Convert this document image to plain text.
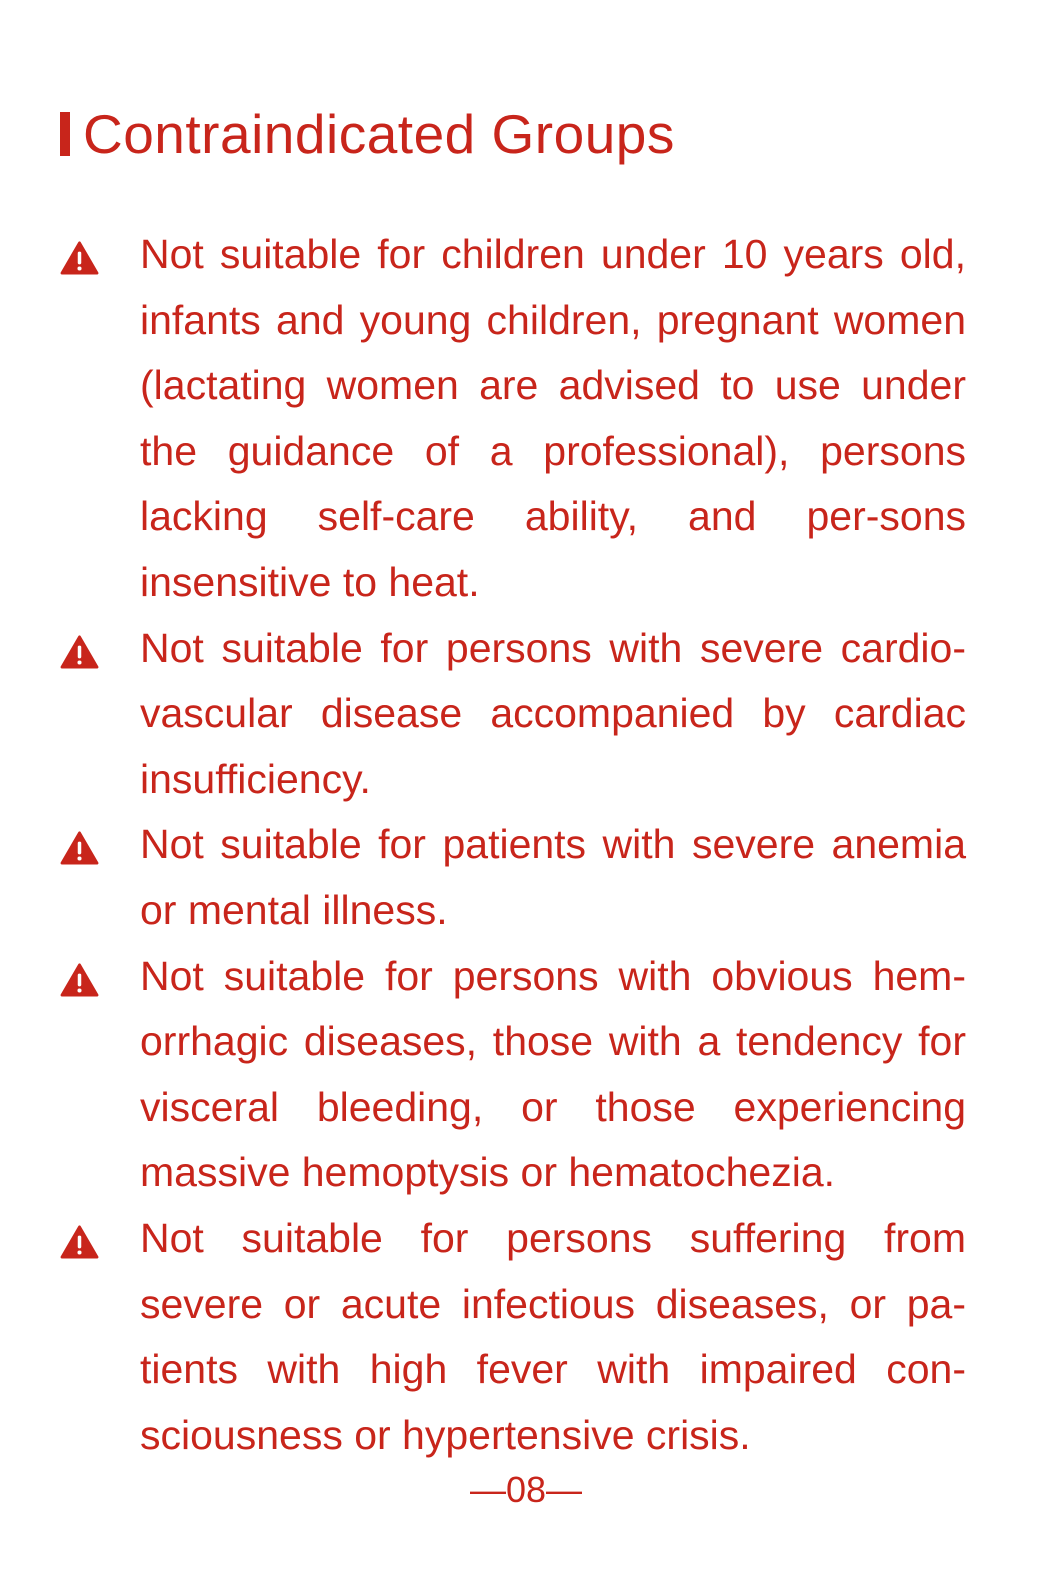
Contraindicated Groups
Not suitable for children under 10 years old, infants and young children, pregnant women (lactating women are advised to use under the guidance of a professional), persons lacking self-care ability, and per-sons insensitive to heat.
Not suitable for persons with severe cardio-vascular disease accompanied by cardiac insufficiency.
Not suitable for patients with severe anemia or mental illness.
Not suitable for persons with obvious hem-orrhagic diseases, those with a tendency for visceral bleeding, or those experiencing massive hemoptysis or hematochezia.
Not suitable for persons suffering from severe or acute infectious diseases, or pa-tients with high fever with impaired con-sciousness or hypertensive crisis.
—08—
